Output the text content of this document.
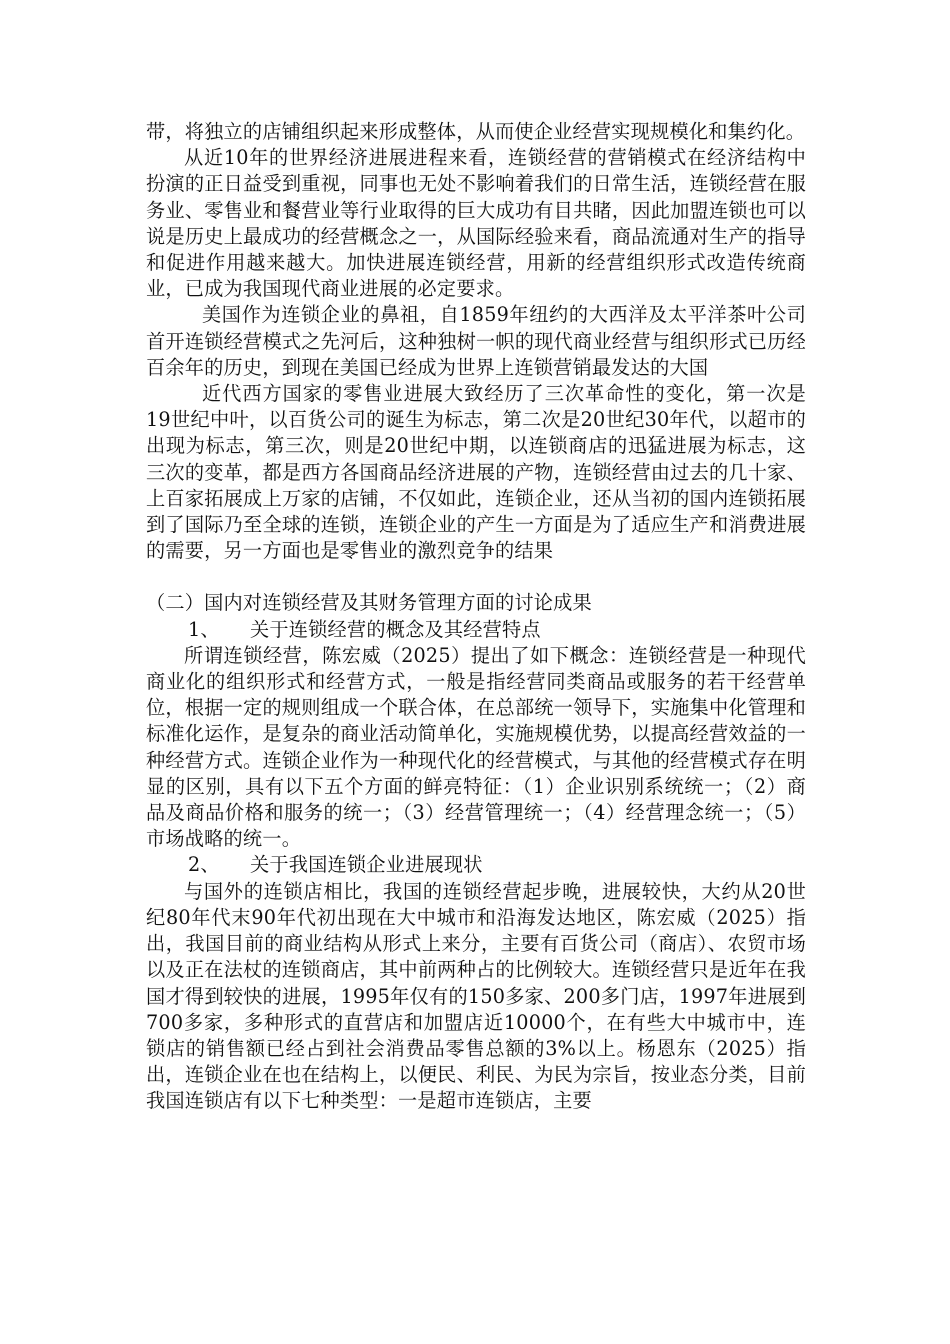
带，将独立的店铺组织起来形成整体，从而使企业经营实现规模化和集约化。

从近10年的世界经济进展进程来看，连锁经营的营销模式在经济结构中扮演的正日益受到重视，同事也无处不影响着我们的日常生活，连锁经营在服务业、零售业和餐营业等行业取得的巨大成功有目共睹，因此加盟连锁也可以说是历史上最成功的经营概念之一，从国际经验来看，商品流通对生产的指导和促进作用越来越大。加快进展连锁经营，用新的经营组织形式改造传统商业，已成为我国现代商业进展的必定要求。

美国作为连锁企业的鼻祖，自1859年纽约的大西洋及太平洋茶叶公司首开连锁经营模式之先河后，这种独树一帜的现代商业经营与组织形式已历经百余年的历史，到现在美国已经成为世界上连锁营销最发达的大国

近代西方国家的零售业进展大致经历了三次革命性的变化，第一次是19世纪中叶，以百货公司的诞生为标志，第二次是20世纪30年代，以超市的出现为标志，第三次，则是20世纪中期，以连锁商店的迅猛进展为标志，这三次的变革，都是西方各国商品经济进展的产物，连锁经营由过去的几十家、上百家拓展成上万家的店铺，不仅如此，连锁企业，还从当初的国内连锁拓展到了国际乃至全球的连锁，连锁企业的产生一方面是为了适应生产和消费进展的需要，另一方面也是零售业的激烈竞争的结果

（二）国内对连锁经营及其财务管理方面的讨论成果

1、 关于连锁经营的概念及其经营特点

所谓连锁经营，陈宏威（2025）提出了如下概念：连锁经营是一种现代商业化的组织形式和经营方式，一般是指经营同类商品或服务的若干经营单位，根据一定的规则组成一个联合体，在总部统一领导下，实施集中化管理和标准化运作，是复杂的商业活动简单化，实施规模优势，以提高经营效益的一种经营方式。连锁企业作为一种现代化的经营模式，与其他的经营模式存在明显的区别，具有以下五个方面的鲜亮特征：（1）企业识别系统统一；（2）商品及商品价格和服务的统一；（3）经营管理统一；（4）经营理念统一；（5）市场战略的统一。

2、 关于我国连锁企业进展现状

与国外的连锁店相比，我国的连锁经营起步晚，进展较快，大约从20世纪80年代末90年代初出现在大中城市和沿海发达地区，陈宏威（2025）指出，我国目前的商业结构从形式上来分，主要有百货公司（商店）、农贸市场以及正在法杖的连锁商店，其中前两种占的比例较大。连锁经营只是近年在我国才得到较快的进展，1995年仅有的150多家、200多门店，1997年进展到700多家，多种形式的直营店和加盟店近10000个，在有些大中城市中，连锁店的销售额已经占到社会消费品零售总额的3%以上。杨恩东（2025）指出，连锁企业在也在结构上，以便民、利民、为民为宗旨，按业态分类，目前我国连锁店有以下七种类型：一是超市连锁店，主要
